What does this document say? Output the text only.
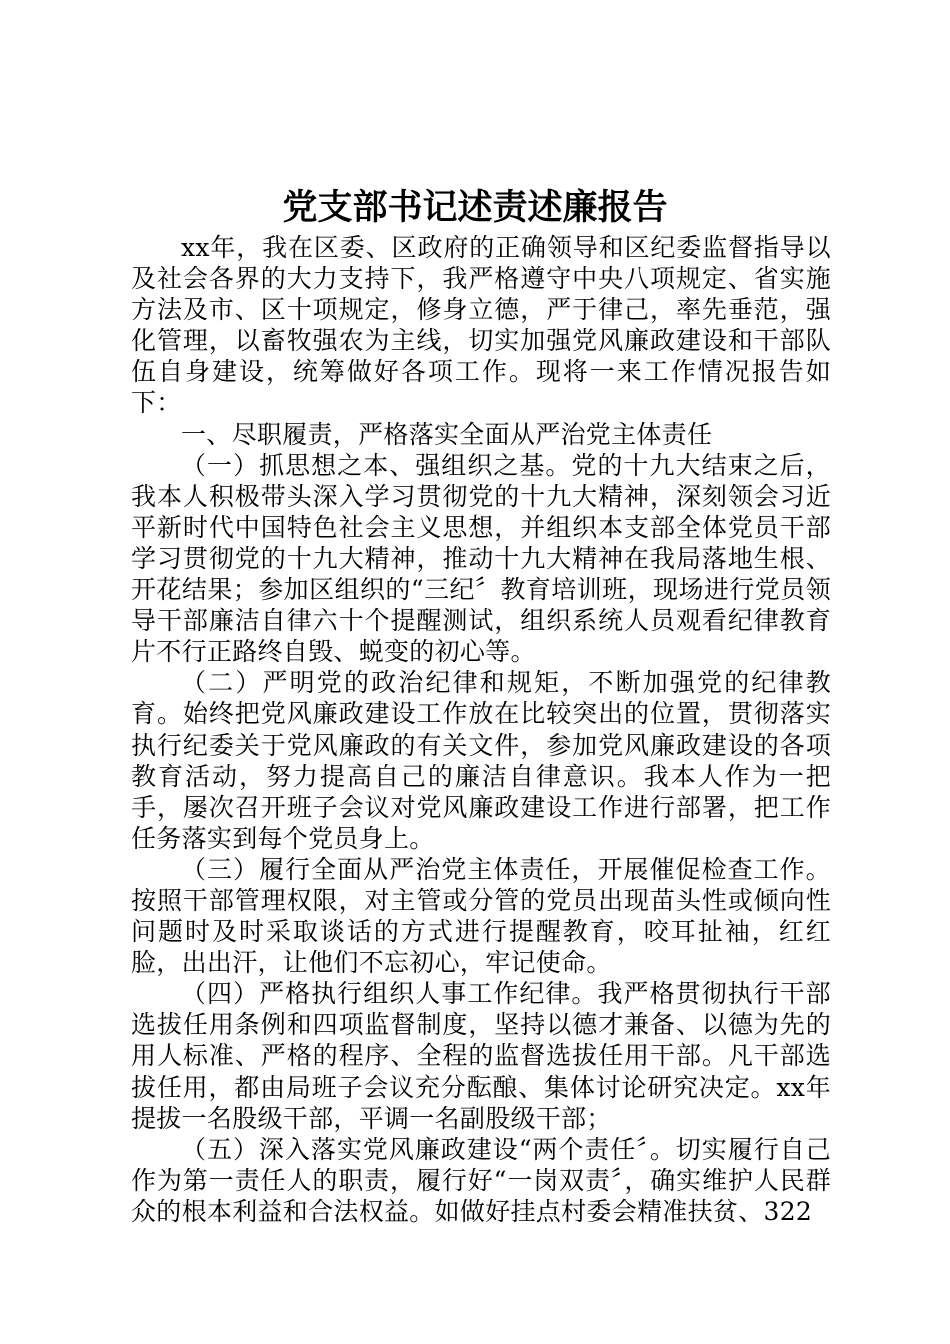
党支部书记述责述廉报告

xx年，我在区委、区政府的正确领导和区纪委监督指导以及社会各界的大力支持下，我严格遵守中央八项规定、省实施方法及市、区十项规定，修身立德，严于律己，率先垂范，强化管理，以畜牧强农为主线，切实加强党风廉政建设和干部队伍自身建设，统筹做好各项工作。现将一来工作情况报告如下：

一、尽职履责，严格落实全面从严治党主体责任

（一）抓思想之本、强组织之基。党的十九大结束之后，我本人积极带头深入学习贯彻党的十九大精神，深刻领会习近平新时代中国特色社会主义思想，并组织本支部全体党员干部学习贯彻党的十九大精神，推动十九大精神在我局落地生根、开花结果；参加区组织的“三纪〞教育培训班，现场进行党员领导干部廉洁自律六十个提醒测试，组织系统人员观看纪律教育片不行正路终自毁、蜕变的初心等。

（二）严明党的政治纪律和规矩，不断加强党的纪律教育。始终把党风廉政建设工作放在比较突出的位置，贯彻落实执行纪委关于党风廉政的有关文件，参加党风廉政建设的各项教育活动，努力提高自己的廉洁自律意识。我本人作为一把手，屡次召开班子会议对党风廉政建设工作进行部署，把工作任务落实到每个党员身上。

（三）履行全面从严治党主体责任，开展催促检查工作。按照干部管理权限，对主管或分管的党员出现苗头性或倾向性问题时及时采取谈话的方式进行提醒教育，咬耳扯袖，红红脸，出出汗，让他们不忘初心，牢记使命。

（四）严格执行组织人事工作纪律。我严格贯彻执行干部选拔任用条例和四项监督制度，坚持以德才兼备、以德为先的用人标准、严格的程序、全程的监督选拔任用干部。凡干部选拔任用，都由局班子会议充分酝酿、集体讨论研究决定。xx年提拔一名股级干部，平调一名副股级干部；

（五）深入落实党风廉政建设“两个责任〞。切实履行自己作为第一责任人的职责，履行好“一岗双责〞，确实维护人民群众的根本利益和合法权益。如做好挂点村委会精准扶贫、322
